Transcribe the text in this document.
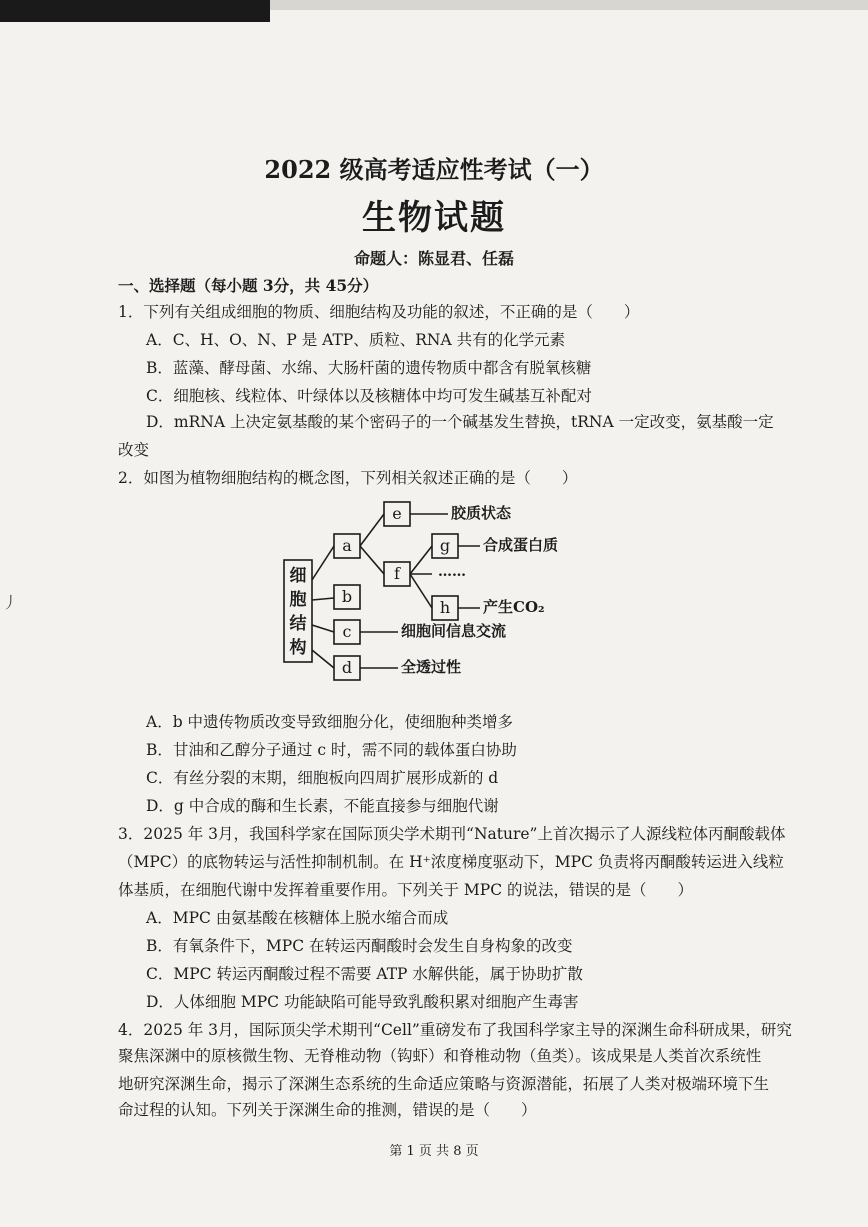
丿
2022 级高考适应性考试（一）
生物试题
命题人：陈显君、任磊
一、选择题（每小题 3分，共 45分）
1．下列有关组成细胞的物质、细胞结构及功能的叙述，不正确的是（　　）
A．C、H、O、N、P 是 ATP、质粒、RNA 共有的化学元素
B．蓝藻、酵母菌、水绵、大肠杆菌的遗传物质中都含有脱氧核糖
C．细胞核、线粒体、叶绿体以及核糖体中均可发生碱基互补配对
D．mRNA 上决定氨基酸的某个密码子的一个碱基发生替换，tRNA 一定改变，氨基酸一定
改变
2．如图为植物细胞结构的概念图，下列相关叙述正确的是（　　）
细
胞
结
构
a
b
c
d
e
f
g
h
胶质状态
合成蛋白质
……
产生CO₂
细胞间信息交流
全透过性
A．b 中遗传物质改变导致细胞分化，使细胞种类增多
B．甘油和乙醇分子通过 c 时，需不同的载体蛋白协助
C．有丝分裂的末期，细胞板向四周扩展形成新的 d
D．g 中合成的酶和生长素，不能直接参与细胞代谢
3．2025 年 3月，我国科学家在国际顶尖学术期刊“Nature”上首次揭示了人源线粒体丙酮酸载体
（MPC）的底物转运与活性抑制机制。在 H⁺浓度梯度驱动下，MPC 负责将丙酮酸转运进入线粒
体基质，在细胞代谢中发挥着重要作用。下列关于 MPC 的说法，错误的是（　　）
A．MPC 由氨基酸在核糖体上脱水缩合而成
B．有氧条件下，MPC 在转运丙酮酸时会发生自身构象的改变
C．MPC 转运丙酮酸过程不需要 ATP 水解供能，属于协助扩散
D．人体细胞 MPC 功能缺陷可能导致乳酸积累对细胞产生毒害
4．2025 年 3月，国际顶尖学术期刊“Cell”重磅发布了我国科学家主导的深渊生命科研成果，研究
聚焦深渊中的原核微生物、无脊椎动物（钩虾）和脊椎动物（鱼类）。该成果是人类首次系统性
地研究深渊生命，揭示了深渊生态系统的生命适应策略与资源潜能，拓展了人类对极端环境下生
命过程的认知。下列关于深渊生命的推测，错误的是（　　）
第 1 页 共 8 页
